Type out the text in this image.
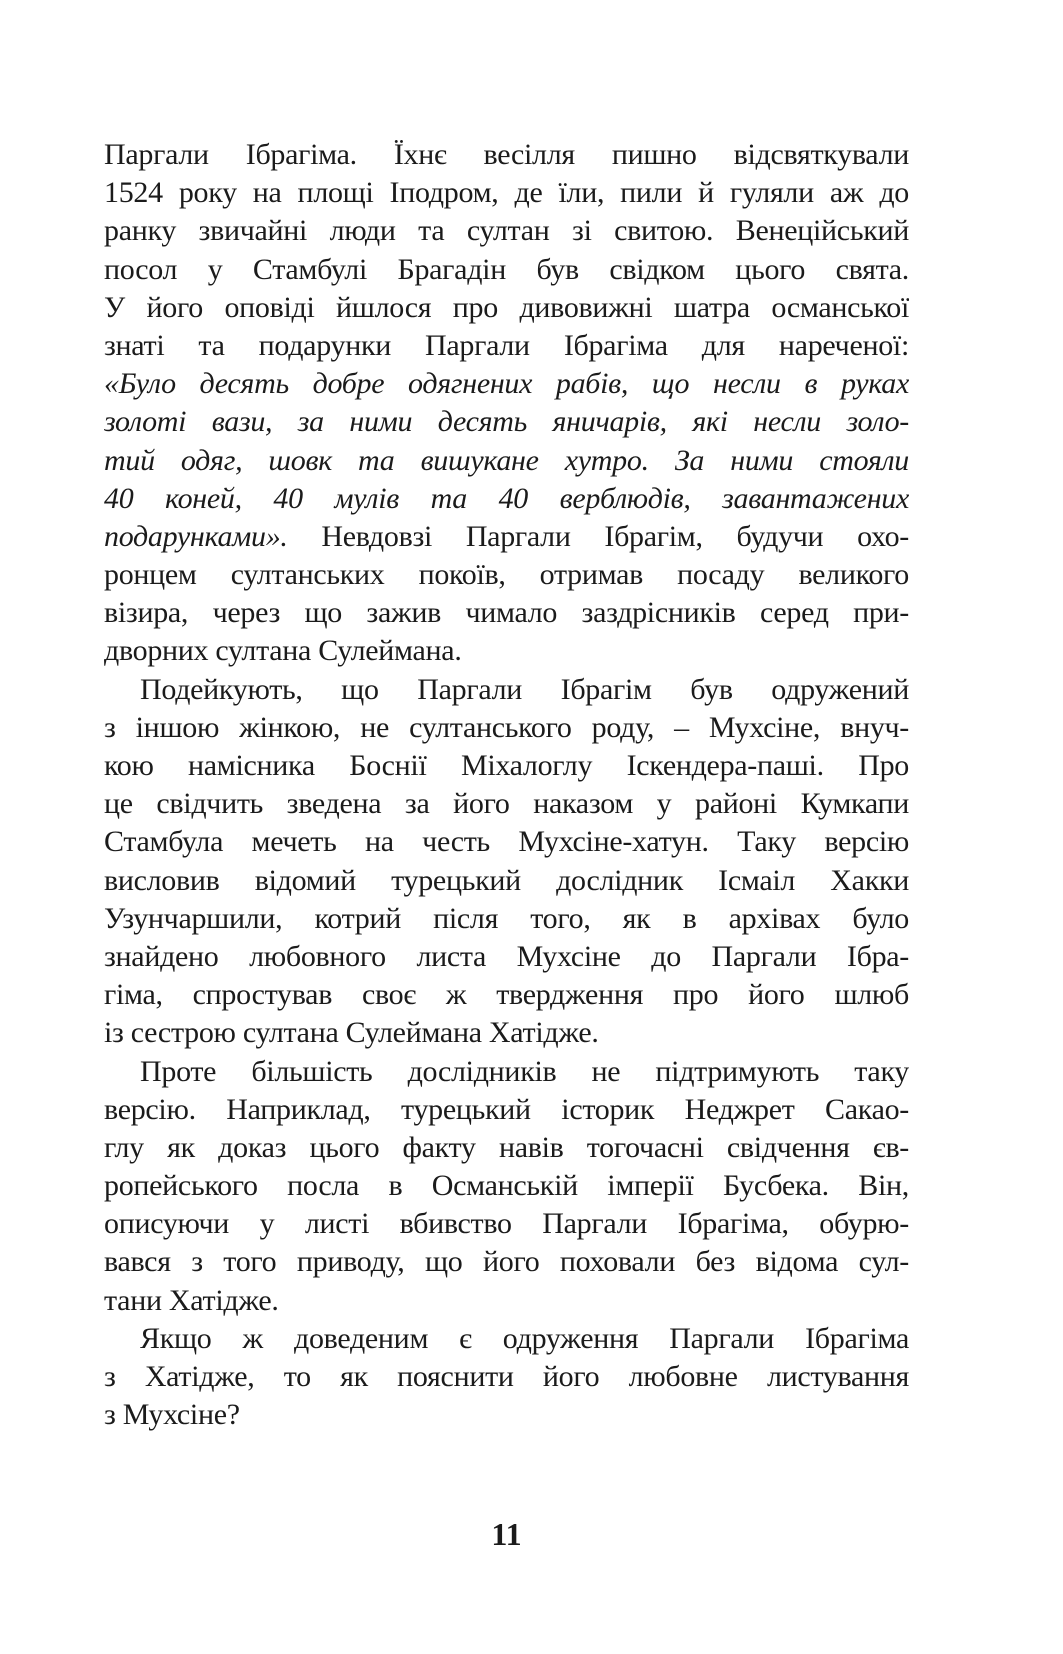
Паргали Ібрагіма. Їхнє весілля пишно відсвяткували
1524 року на площі Іподром, де їли, пили й гуляли аж до
ранку звичайні люди та султан зі свитою. Венеційський
посол у Стамбулі Брагадін був свідком цього свята.
У його оповіді йшлося про дивовижні шатра османської
знаті та подарунки Паргали Ібрагіма для нареченої:
«Було десять добре одягнених рабів, що несли в руках
золоті вази, за ними десять яничарів, які несли золо-
тий одяг, шовк та вишукане хутро. За ними стояли
40 коней, 40 мулів та 40 верблюдів, завантажених
подарунками». Невдовзі Паргали Ібрагім, будучи охо-
ронцем султанських покоїв, отримав посаду великого
візира, через що зажив чимало заздрісників серед при-
дворних султана Сулеймана.
Подейкують, що Паргали Ібрагім був одружений
з іншою жінкою, не султанського роду, – Мухсіне, внуч-
кою намісника Боснії Міхалоглу Іскендера-паші. Про
це свідчить зведена за його наказом у районі Кумкапи
Стамбула мечеть на честь Мухсіне-хатун. Таку версію
висловив відомий турецький дослідник Ісмаіл Хакки
Узунчаршили, котрий після того, як в архівах було
знайдено любовного листа Мухсіне до Паргали Ібра-
гіма, спростував своє ж твердження про його шлюб
із сестрою султана Сулеймана Хатідже.
Проте більшість дослідників не підтримують таку
версію. Наприклад, турецький історик Неджрет Сакао-
глу як доказ цього факту навів тогочасні свідчення єв-
ропейського посла в Османській імперії Бусбека. Він,
описуючи у листі вбивство Паргали Ібрагіма, обурю-
вався з того приводу, що його поховали без відома сул-
тани Хатідже.
Якщо ж доведеним є одруження Паргали Ібрагіма
з Хатідже, то як пояснити його любовне листування
з Мухсіне?
11
